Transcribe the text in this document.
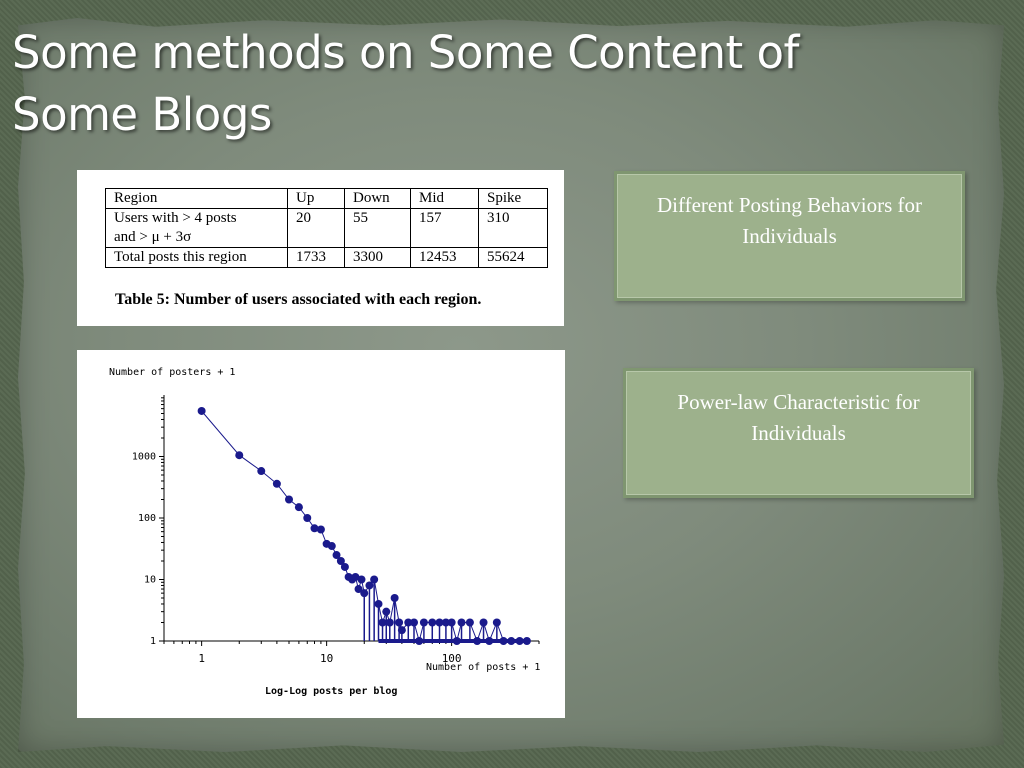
Some methods on Some Content of
Some Blogs
Region	Up	Down	Mid	Spike

Users with > 4 posts
and > μ + 3σ	20	55	157	310
Total posts this region	1733	3300	12453	55624
Table 5: Number of users associated with each region.
1
10
100
1000
1	10	100
Number of posters + 1
Number of posts + 1
Log-Log posts per blog
Different Posting Behaviors for Individuals
Power-law Characteristic for Individuals
